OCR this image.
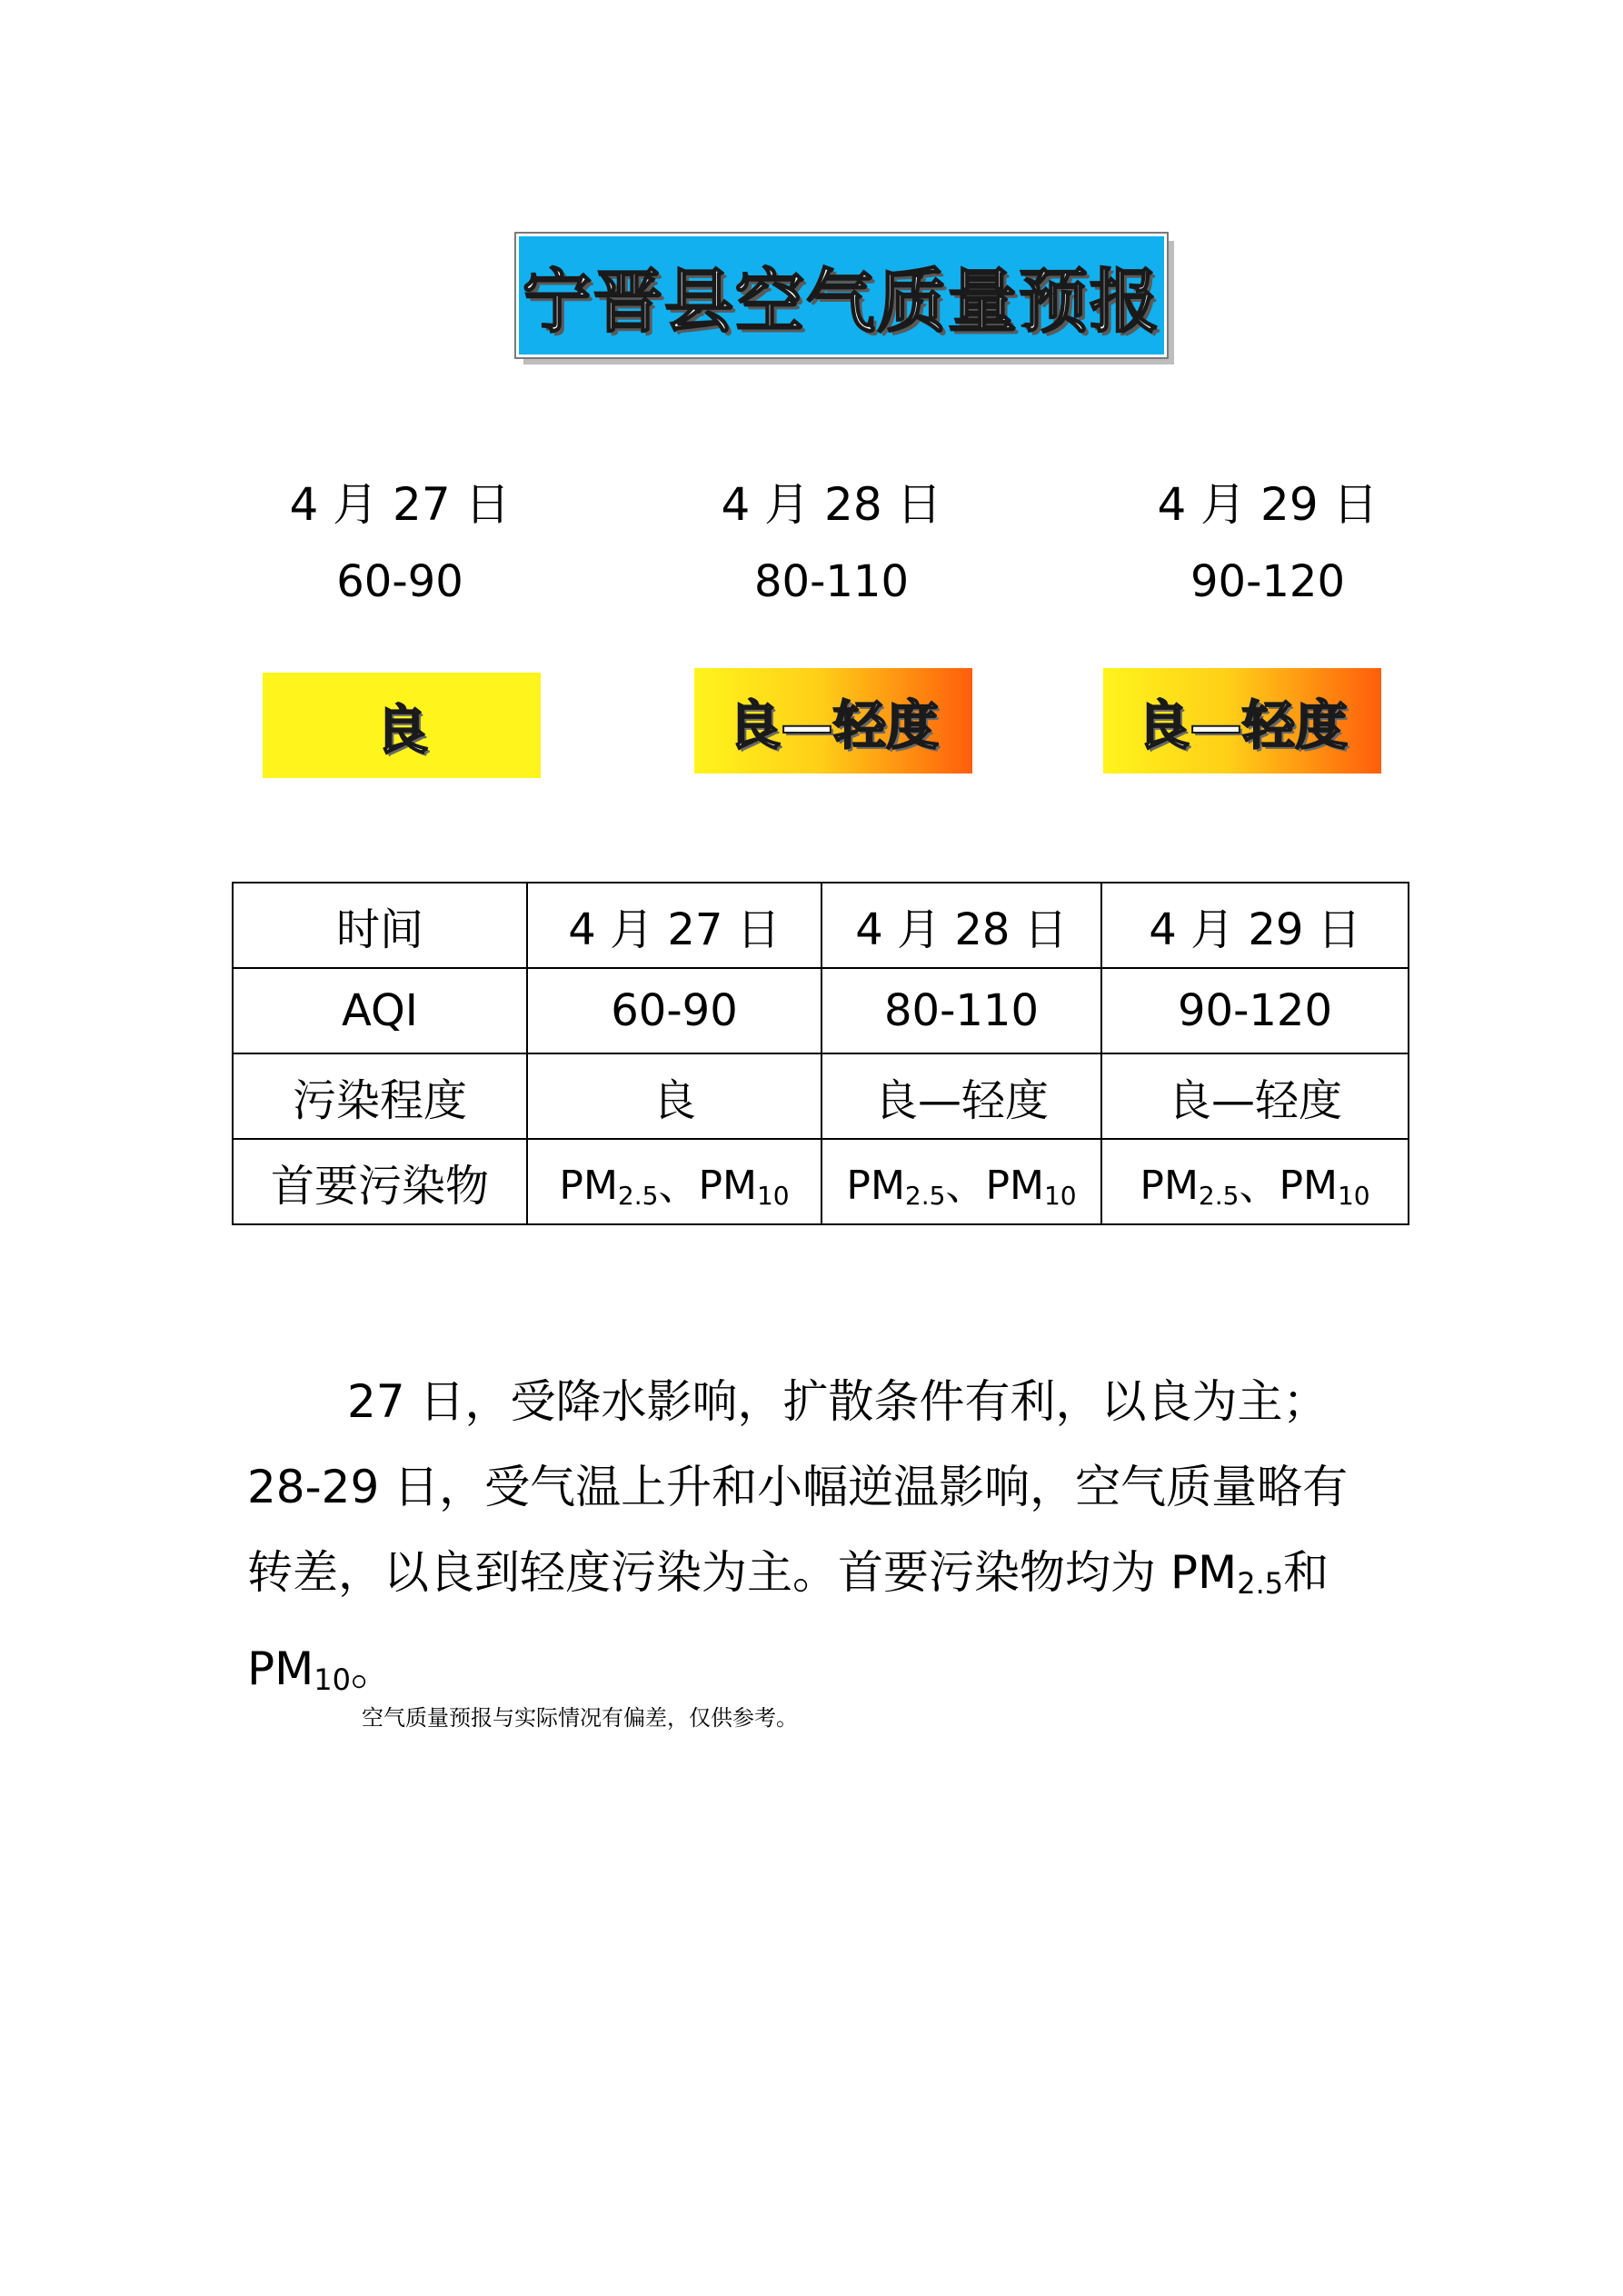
宁晋县空气质量预报
4 月 27 日
60-90
4 月 28 日
80-110
4 月 29 日
90-120
良	良—轻度	良—轻度
时间	4 月 27 日	4 月 28 日	4 月 29 日
AQI	60-90	80-110	90-120
污染程度	良	良—轻度	良—轻度
首要污染物	$PM_{2.5}$、$PM_{10}$	$PM_{2.5}$、$PM_{10}$	$PM_{2.5}$、$PM_{10}$

27 日，受降水影响，扩散条件有利，以良为主；28-29 日，受气温上升和小幅逆温影响，空气质量略有转差，以良到轻度污染为主。首要污染物均为 $PM_{2.5}$和 $PM_{10}$。

空气质量预报与实际情况有偏差，仅供参考。
